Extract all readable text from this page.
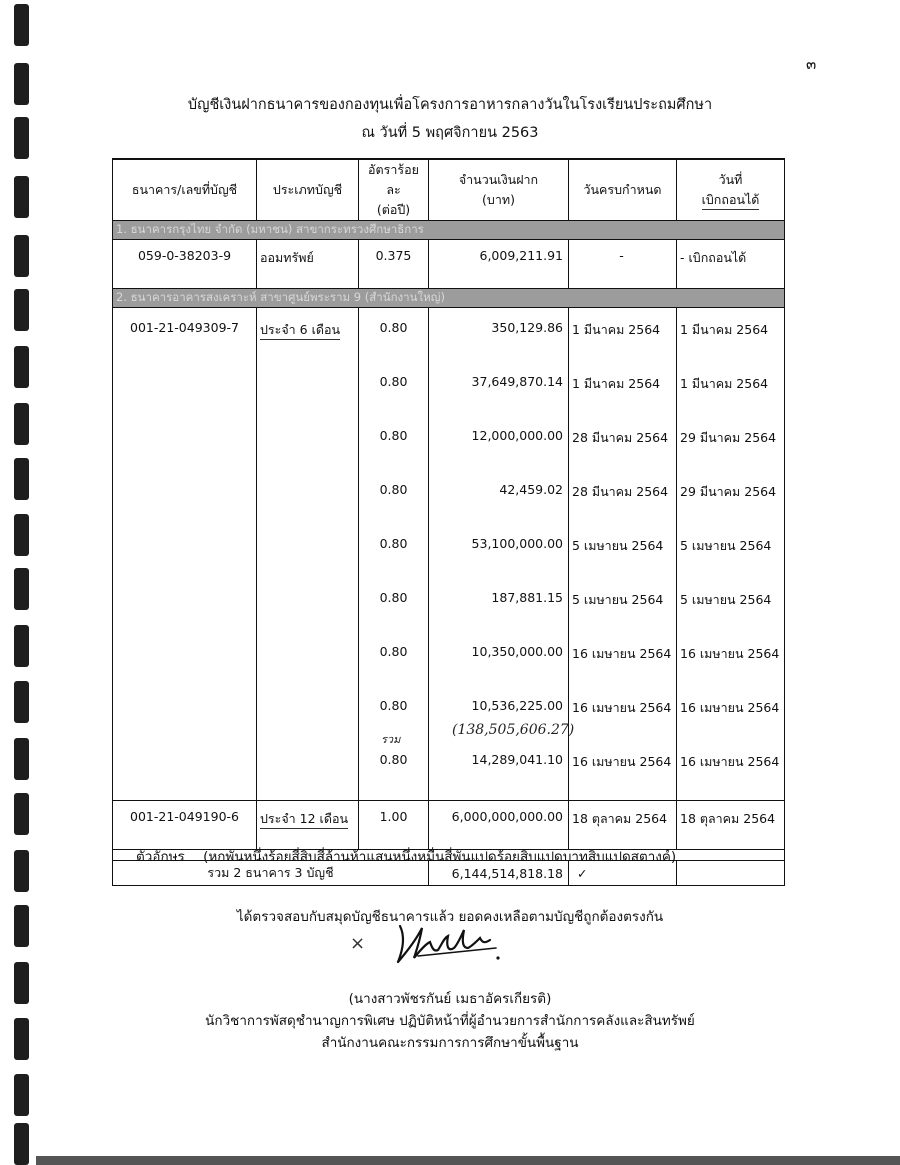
๓
บัญชีเงินฝากธนาคารของกองทุนเพื่อโครงการอาหารกลางวันในโรงเรียนประถมศึกษา
ณ วันที่ 5 พฤศจิกายน 2563
ธนาคาร/เลขที่บัญชี	ประเภทบัญชี	อัตราร้อยละ
(ต่อปี)	จำนวนเงินฝาก
(บาท)	วันครบกำหนด	วันที่
เบิกถอนได้
1. ธนาคารกรุงไทย จำกัด (มหาชน) สาขากระทรวงศึกษาธิการ					
059-0-38203-9	ออมทรัพย์	0.375	6,009,211.91	-	- เบิกถอนได้
2. ธนาคารอาคารสงเคราะห์ สาขาศูนย์พระราม 9 (สำนักงานใหญ่)					
001-21-049309-7	ประจำ 6 เดือน	0.80	350,129.86	1 มีนาคม 2564	1 มีนาคม 2564
		0.80	37,649,870.14	1 มีนาคม 2564	1 มีนาคม 2564
		0.80	12,000,000.00	28 มีนาคม 2564	29 มีนาคม 2564
		0.80	42,459.02	28 มีนาคม 2564	29 มีนาคม 2564
		0.80	53,100,000.00	5 เมษายน 2564	5 เมษายน 2564
		0.80	187,881.15	5 เมษายน 2564	5 เมษายน 2564
		0.80	10,350,000.00	16 เมษายน 2564	16 เมษายน 2564
		0.80	10,536,225.00	16 เมษายน 2564	16 เมษายน 2564
		0.80	14,289,041.10	16 เมษายน 2564	16 เมษายน 2564
001-21-049190-6	ประจำ 12 เดือน	1.00	6,000,000,000.00	18 ตุลาคม 2564	18 ตุลาคม 2564

รวม 2 ธนาคาร 3 บัญชี			6,144,514,818.18	✓	
รวม
(138,505,606.27)
ตัวอักษร (หกพันหนึ่งร้อยสี่สิบสี่ล้านห้าแสนหนึ่งหมื่นสี่พันแปดร้อยสิบแปดบาทสิบแปดสตางค์)
ได้ตรวจสอบกับสมุดบัญชีธนาคารแล้ว ยอดคงเหลือตามบัญชีถูกต้องตรงกัน
×
(นางสาวพัชรกันย์ เมธาอัครเกียรติ)
นักวิชาการพัสดุชำนาญการพิเศษ ปฏิบัติหน้าที่ผู้อำนวยการสำนักการคลังและสินทรัพย์
สำนักงานคณะกรรมการการศึกษาขั้นพื้นฐาน
